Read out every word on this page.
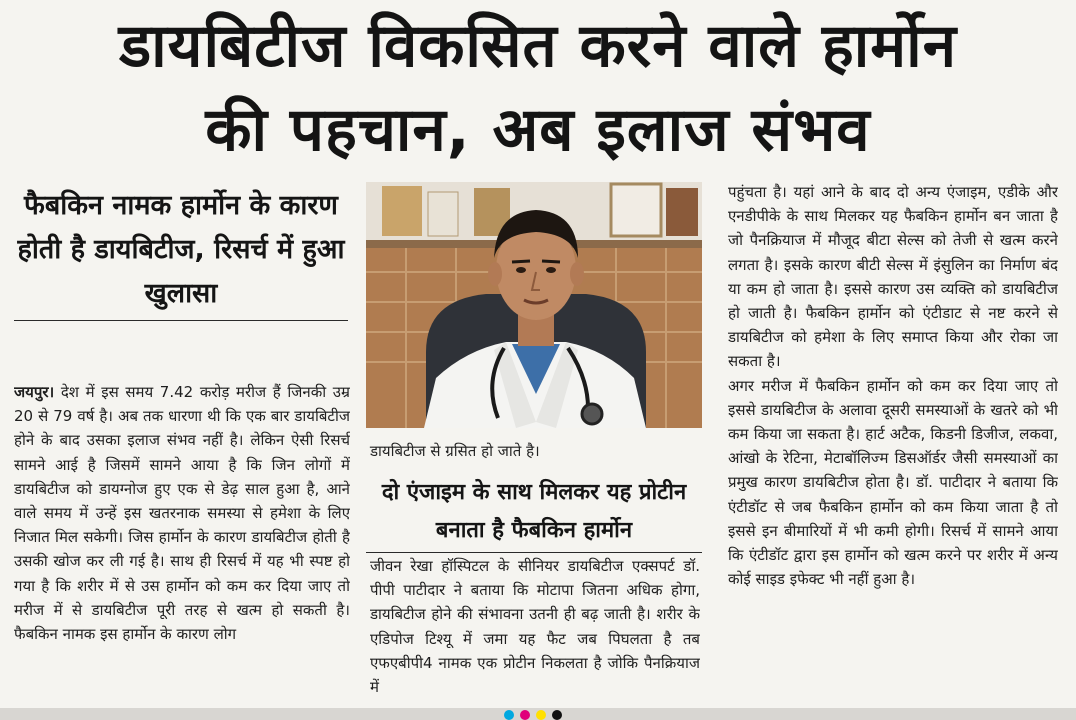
डायबिटीज विकसित करने वाले हार्मोन
की पहचान, अब इलाज संभव
फैबकिन नामक हार्मोन के कारण होती है डायबिटीज, रिसर्च में हुआ खुलासा

जयपुर। देश में इस समय 7.42 करोड़ मरीज हैं जिनकी उम्र 20 से 79 वर्ष है। अब तक धारणा थी कि एक बार डायबिटीज होने के बाद उसका इलाज संभव नहीं है। लेकिन ऐसी रिसर्च सामने आई है जिसमें सामने आया है कि जिन लोगों में डायबिटीज को डायग्नोज हुए एक से डेढ़ साल हुआ है, आने वाले समय में उन्हें इस खतरनाक समस्या से हमेशा के लिए निजात मिल सकेगी। जिस हार्मोन के कारण डायबिटीज होती है उसकी खोज कर ली गई है। साथ ही रिसर्च में यह भी स्पष्ट हो गया है कि शरीर में से उस हार्मोन को कम कर दिया जाए तो मरीज में से डायबिटीज पूरी तरह से खत्म हो सकती है। फैबकिन नामक इस हार्मोन के कारण लोग

डायबिटीज से ग्रसित हो जाते है।
दो एंजाइम के साथ मिलकर यह प्रोटीन बनाता है फैबकिन हार्मोन

जीवन रेखा हॉस्पिटल के सीनियर डायबिटीज एक्सपर्ट डॉ. पीपी पाटीदार ने बताया कि मोटापा जितना अधिक होगा, डायबिटीज होने की संभावना उतनी ही बढ़ जाती है। शरीर के एडिपोज टिश्यू में जमा यह फैट जब पिघलता है तब एफएबीपी4 नामक एक प्रोटीन निकलता है जोकि पैनक्रियाज में

पहुंचता है। यहां आने के बाद दो अन्य एंजाइम, एडीके और एनडीपीके के साथ मिलकर यह फैबकिन हार्मोन बन जाता है जो पैनक्रियाज में मौजूद बीटा सेल्स को तेजी से खत्म करने लगता है। इसके कारण बीटी सेल्स में इंसुलिन का निर्माण बंद या कम हो जाता है। इससे कारण उस व्यक्ति को डायबिटीज हो जाती है। फैबकिन हार्मोन को एंटीडाट से नष्ट करने से डायबिटीज को हमेशा के लिए समाप्त किया और रोका जा सकता है।

अगर मरीज में फैबकिन हार्मोन को कम कर दिया जाए तो इससे डायबिटीज के अलावा दूसरी समस्याओं के खतरे को भी कम किया जा सकता है। हार्ट अटैक, किडनी डिजीज, लकवा, आंखो के रेटिना, मेटाबॉलिज्म डिसऑर्डर जैसी समस्याओं का प्रमुख कारण डायबिटीज होता है। डॉ. पाटीदार ने बताया कि एंटीडॉट से जब फैबकिन हार्मोन को कम किया जाता है तो इससे इन बीमारियों में भी कमी होगी। रिसर्च में सामने आया कि एंटीडॉट द्वारा इस हार्मोन को खत्म करने पर शरीर में अन्य कोई साइड इफेक्ट भी नहीं हुआ है।
